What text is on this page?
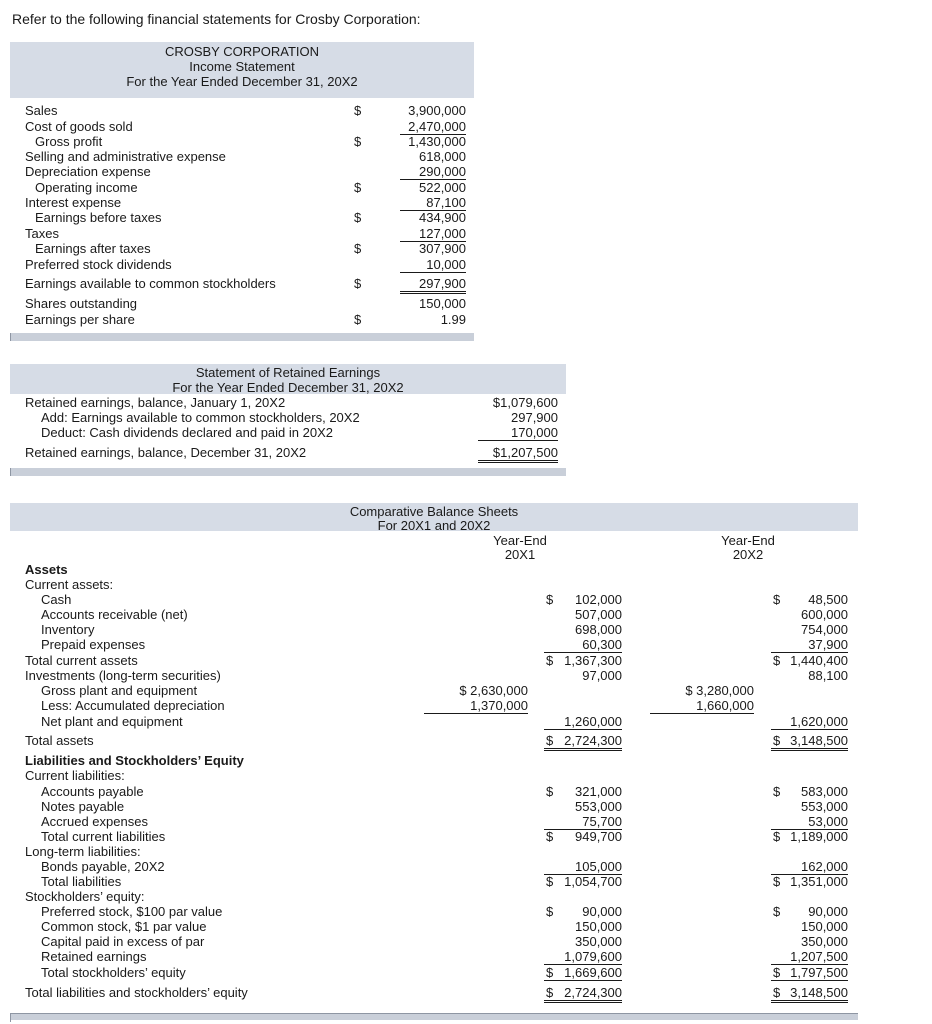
Refer to the following financial statements for Crosby Corporation:
CROSBY CORPORATION
Income Statement
For the Year Ended December 31, 20X2
Sales	$	3,900,000
Cost of goods sold	2,470,000
Gross profit	$	1,430,000
Selling and administrative expense	618,000
Depreciation expense	290,000
Operating income	$	522,000
Interest expense	87,100
Earnings before taxes	$	434,900
Taxes	127,000
Earnings after taxes	$	307,900
Preferred stock dividends	10,000
Earnings available to common stockholders	$	297,900
Shares outstanding	150,000
Earnings per share	$	1.99
Statement of Retained Earnings
For the Year Ended December 31, 20X2
Retained earnings, balance, January 1, 20X2	$1,079,600
Add: Earnings available to common stockholders, 20X2	297,900
Deduct: Cash dividends declared and paid in 20X2	170,000
Retained earnings, balance, December 31, 20X2	$1,207,500
Comparative Balance Sheets
For 20X1 and 20X2
Year-End
20X1
Year-End
20X2
Assets
Current assets:
Cash	$	102,000	$	48,500
Accounts receivable (net)	507,000	600,000
Inventory	698,000	754,000
Prepaid expenses	60,300	37,900
Total current assets	$ 1,367,300	$ 1,440,400
Investments (long-term securities)	97,000	88,100
Gross plant and equipment	$ 2,630,000	$ 3,280,000
Less: Accumulated depreciation	1,370,000	1,660,000
Net plant and equipment	1,260,000	1,620,000
Total assets	$ 2,724,300	$ 3,148,500
Liabilities and Stockholders’ Equity
Current liabilities:
Accounts payable	$	321,000	$	583,000
Notes payable	553,000	553,000
Accrued expenses	75,700	53,000
Total current liabilities	$	949,700	$ 1,189,000
Long-term liabilities:
Bonds payable, 20X2	105,000	162,000
Total liabilities	$ 1,054,700	$ 1,351,000
Stockholders’ equity:
Preferred stock, $100 par value	$	90,000	$	90,000
Common stock, $1 par value	150,000	150,000
Capital paid in excess of par	350,000	350,000
Retained earnings	1,079,600	1,207,500
Total stockholders’ equity	$ 1,669,600	$ 1,797,500
Total liabilities and stockholders’ equity	$ 2,724,300	$ 3,148,500
